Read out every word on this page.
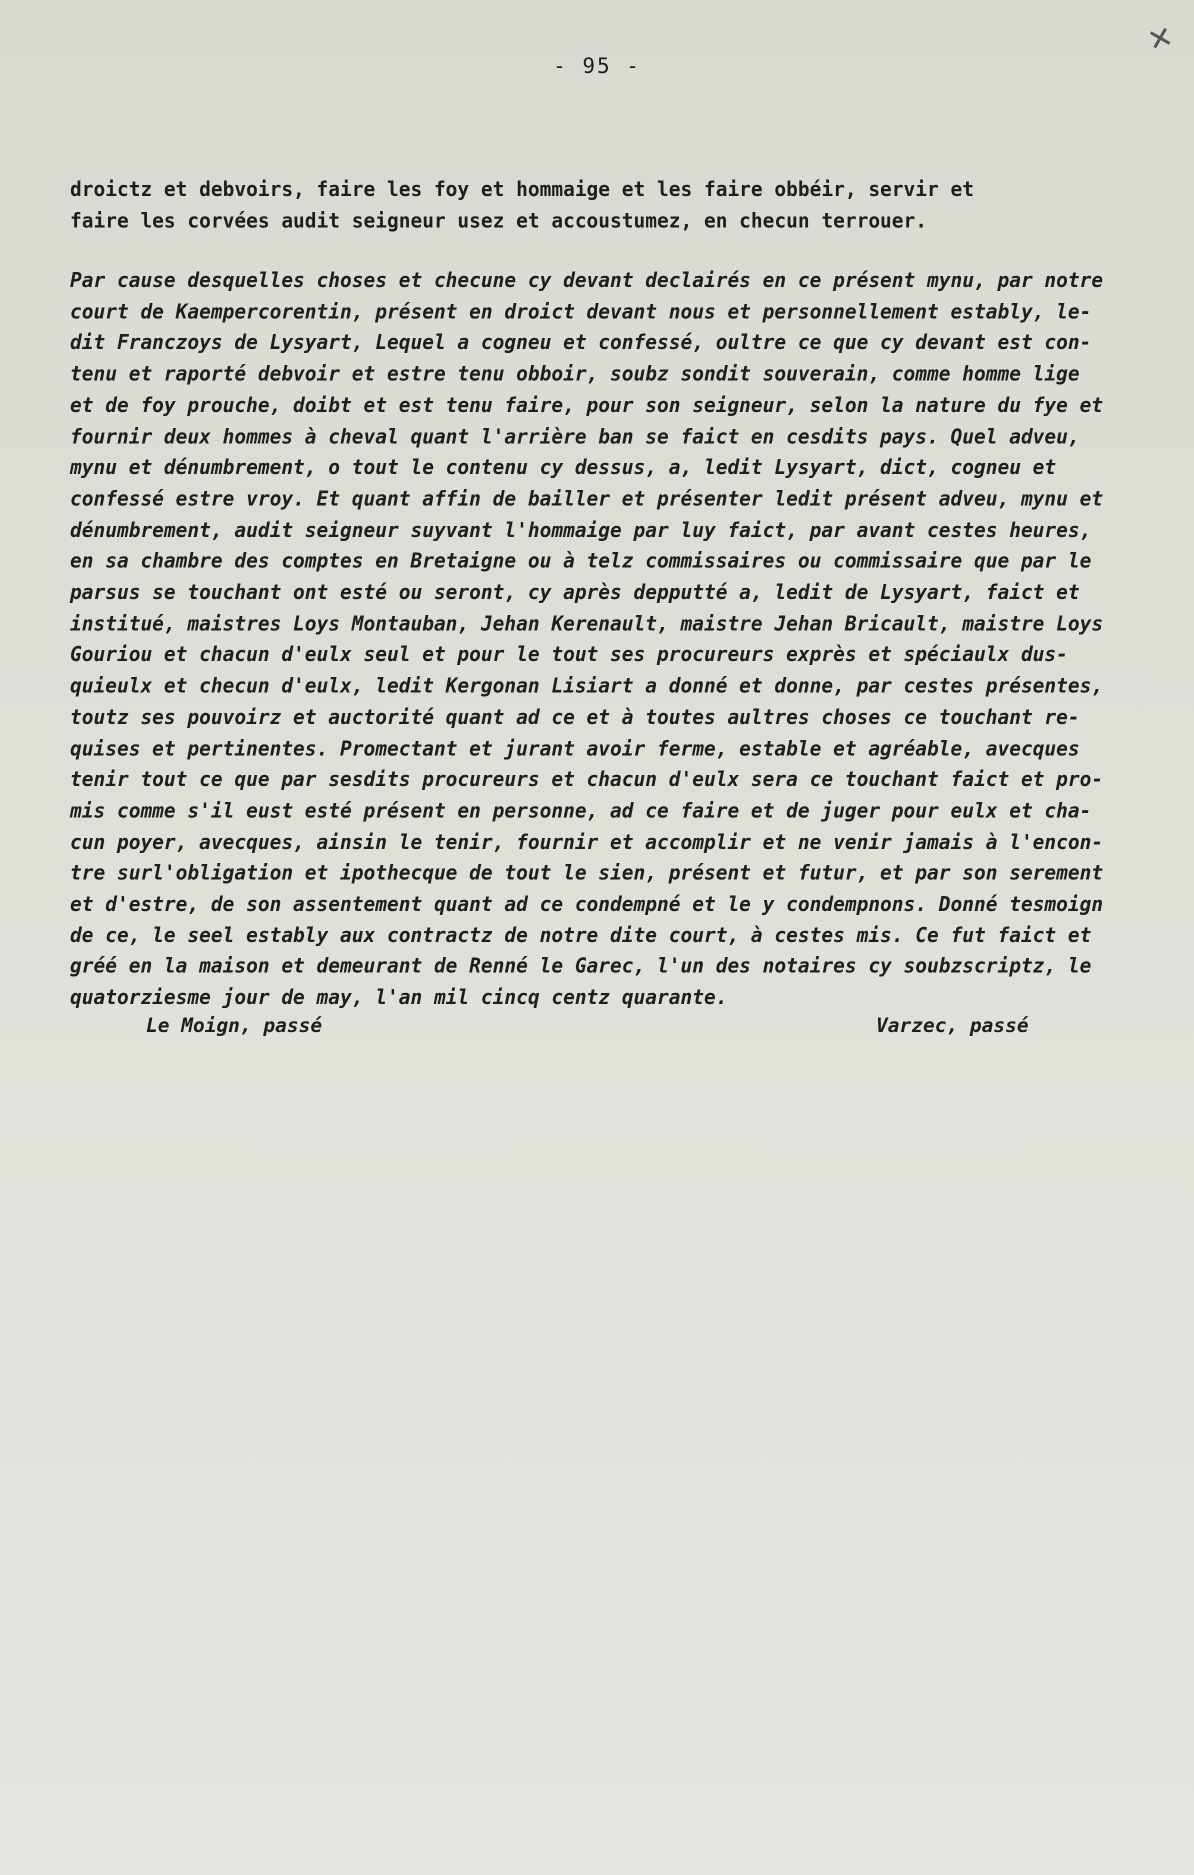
- 95 -
✕
droictz et debvoirs, faire les foy et hommaige et les faire obbéir, servir et
faire les corvées audit seigneur usez et accoustumez, en checun terrouer.
Par cause desquelles choses et checune cy devant declairés en ce présent mynu, par notre
court de Kaempercorentin, présent en droict devant nous et personnellement estably, le-
dit Franczoys de Lysyart, Lequel a cogneu et confessé, oultre ce que cy devant est con-
tenu et raporté debvoir et estre tenu obboir, soubz sondit souverain, comme homme lige
et de foy prouche, doibt et est tenu faire, pour son seigneur, selon la nature du fye et
fournir deux hommes à cheval quant l'arrière ban se faict en cesdits pays. Quel adveu,
mynu et dénumbrement, o tout le contenu cy dessus, a, ledit Lysyart, dict, cogneu et
confessé estre vroy. Et quant affin de bailler et présenter ledit présent adveu, mynu et
dénumbrement, audit seigneur suyvant l'hommaige par luy faict, par avant cestes heures,
en sa chambre des comptes en Bretaigne ou à telz commissaires ou commissaire que par le
parsus se touchant ont esté ou seront, cy après depputté a, ledit de Lysyart, faict et
institué, maistres Loys Montauban, Jehan Kerenault, maistre Jehan Bricault, maistre Loys
Gouriou et chacun d'eulx seul et pour le tout ses procureurs exprès et spéciaulx dus-
quieulx et checun d'eulx, ledit Kergonan Lisiart a donné et donne, par cestes présentes,
toutz ses pouvoirz et auctorité quant ad ce et à toutes aultres choses ce touchant re-
quises et pertinentes. Promectant et jurant avoir ferme, estable et agréable, avecques
tenir tout ce que par sesdits procureurs et chacun d'eulx sera ce touchant faict et pro-
mis comme s'il eust esté présent en personne, ad ce faire et de juger pour eulx et cha-
cun poyer, avecques, ainsin le tenir, fournir et accomplir et ne venir jamais à l'encon-
tre surl'obligation et ipothecque de tout le sien, présent et futur, et par son serement
et d'estre, de son assentement quant ad ce condempné et le y condempnons. Donné tesmoign
de ce, le seel estably aux contractz de notre dite court, à cestes mis. Ce fut faict et
gréé en la maison et demeurant de Renné le Garec, l'un des notaires cy soubzscriptz, le
quatorziesme jour de may, l'an mil cincq centz quarante.
Le Moign, passé	Varzec, passé
